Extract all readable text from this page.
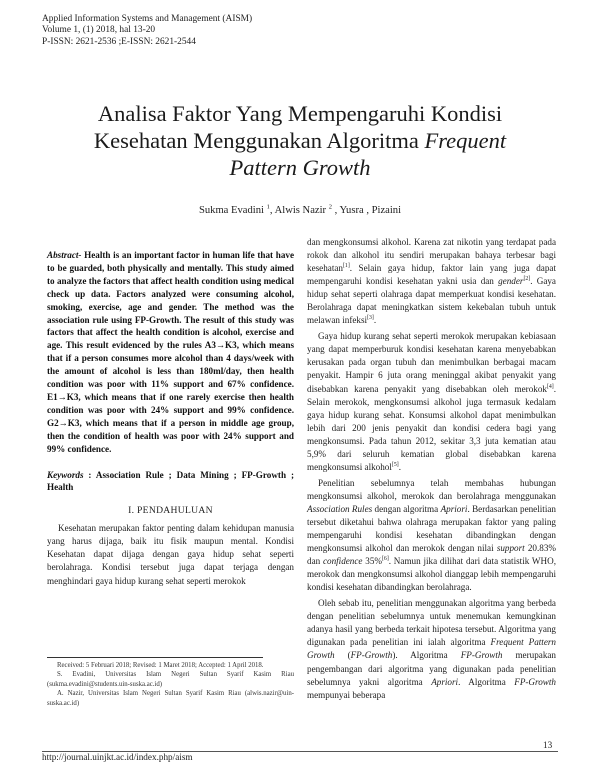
Applied Information Systems and Management (AISM)
Volume 1, (1) 2018, hal 13-20
P-ISSN: 2621-2536 ;E-ISSN: 2621-2544
Analisa Faktor Yang Mempengaruhi Kondisi
Kesehatan Menggunakan Algoritma Frequent
Pattern Growth
Sukma Evadini $^1$, Alwis Nazir $^2$ , Yusra , Pizaini
Abstract- Health is an important factor in human life that have to be guarded, both physically and mentally. This study aimed to analyze the factors that affect health condition using medical check up data. Factors analyzed were consuming alcohol, smoking, exercise, age and gender. The method was the association rule using FP-Growth. The result of this study was factors that affect the health condition is alcohol, exercise and age. This result evidenced by the rules A3→K3, which means that if a person consumes more alcohol than 4 days/week with the amount of alcohol is less than 180ml/day, then health condition was poor with 11% support and 67% confidence. E1→K3, which means that if one rarely exercise then health condition was poor with 24% support and 99% confidence. G2→K3, which means that if a person in middle age group, then the condition of health was poor with 24% support and 99% confidence.
Keywords : Association Rule ; Data Mining ; FP-Growth ; Health
I. PENDAHULUAN

Kesehatan merupakan faktor penting dalam kehidupan manusia yang harus dijaga, baik itu fisik maupun mental. Kondisi Kesehatan dapat dijaga dengan gaya hidup sehat seperti berolahraga. Kondisi tersebut juga dapat terjaga dengan menghindari gaya hidup kurang sehat seperti merokok

Received: 5 Februari 2018; Revised: 1 Maret 2018; Accepted: 1 April 2018.
S. Evadini, Universitas Islam Negeri Sultan Syarif Kasim Riau (sukma.evadini@students.uin-suska.ac.id)
A. Nazir, Universitas Islam Negeri Sultan Syarif Kasim Riau (alwis.nazir@uin-suska.ac.id)

dan mengkonsumsi alkohol. Karena zat nikotin yang terdapat pada rokok dan alkohol itu sendiri merupakan bahaya terbesar bagi kesehatan[1]. Selain gaya hidup, faktor lain yang juga dapat mempengaruhi kondisi kesehatan yakni usia dan gender[2]. Gaya hidup sehat seperti olahraga dapat memperkuat kondisi kesehatan. Berolahraga dapat meningkatkan sistem kekebalan tubuh untuk melawan infeksi[3].

Gaya hidup kurang sehat seperti merokok merupakan kebiasaan yang dapat memperburuk kondisi kesehatan karena menyebabkan kerusakan pada organ tubuh dan menimbulkan berbagai macam penyakit. Hampir 6 juta orang meninggal akibat penyakit yang disebabkan karena penyakit yang disebabkan oleh merokok[4]. Selain merokok, mengkonsumsi alkohol juga termasuk kedalam gaya hidup kurang sehat. Konsumsi alkohol dapat menimbulkan lebih dari 200 jenis penyakit dan kondisi cedera bagi yang mengkonsumsi. Pada tahun 2012, sekitar 3,3 juta kematian atau 5,9% dari seluruh kematian global disebabkan karena mengkonsumsi alkohol[5].

Penelitian sebelumnya telah membahas hubungan mengkonsumsi alkohol, merokok dan berolahraga menggunakan Association Rules dengan algoritma Apriori. Berdasarkan penelitian tersebut diketahui bahwa olahraga merupakan faktor yang paling mempengaruhi kondisi kesehatan dibandingkan dengan mengkonsumsi alkohol dan merokok dengan nilai support 20.83% dan confidence 35%[6]. Namun jika dilihat dari data statistik WHO, merokok dan mengkonsumsi alkohol dianggap lebih mempengaruhi kondisi kesehatan dibandingkan berolahraga.

Oleh sebab itu, penelitian menggunakan algoritma yang berbeda dengan penelitian sebelumnya untuk menemukan kemungkinan adanya hasil yang berbeda terkait hipotesa tersebut. Algoritma yang digunakan pada penelitian ini ialah algoritma Frequent Pattern Growth (FP-Growth). Algoritma FP-Growth merupakan pengembangan dari algoritma yang digunakan pada penelitian sebelumnya yakni algoritma Apriori. Algoritma FP-Growth mempunyai beberapa

13
http://journal.uinjkt.ac.id/index.php/aism
